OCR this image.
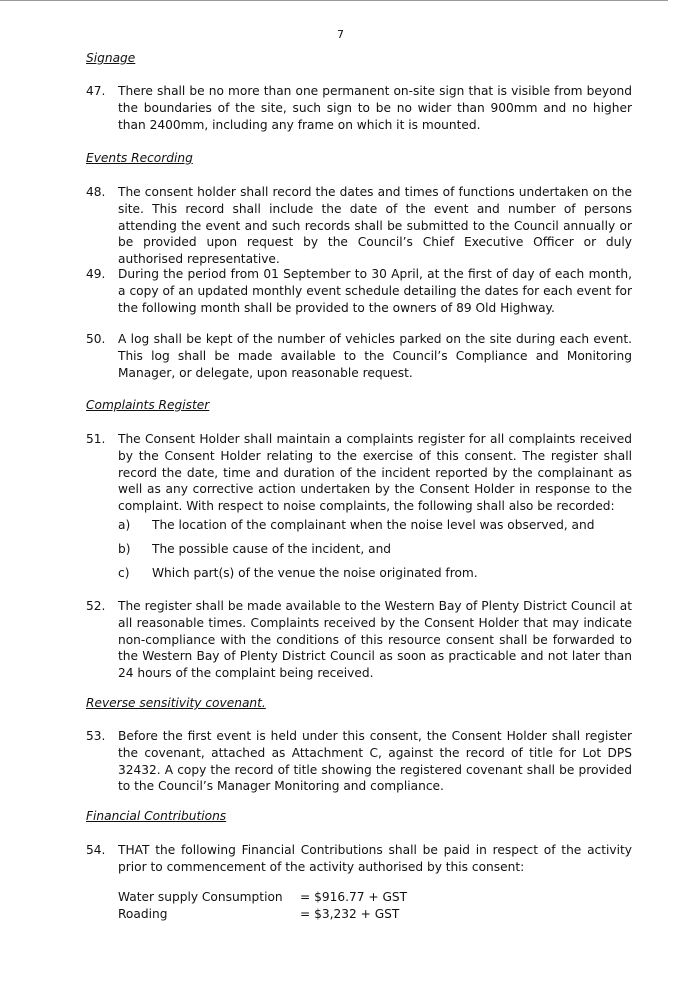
7
Signage
47. There shall be no more than one permanent on-site sign that is visible from beyond the boundaries of the site, such sign to be no wider than 900mm and no higher than 2400mm, including any frame on which it is mounted.
Events Recording
48. The consent holder shall record the dates and times of functions undertaken on the site. This record shall include the date of the event and number of persons attending the event and such records shall be submitted to the Council annually or be provided upon request by the Council’s Chief Executive Officer or duly authorised representative.
49. During the period from 01 September to 30 April, at the first of day of each month, a copy of an updated monthly event schedule detailing the dates for each event for the following month shall be provided to the owners of 89 Old Highway.
50. A log shall be kept of the number of vehicles parked on the site during each event. This log shall be made available to the Council’s Compliance and Monitoring Manager, or delegate, upon reasonable request.
Complaints Register
51. The Consent Holder shall maintain a complaints register for all complaints received by the Consent Holder relating to the exercise of this consent. The register shall record the date, time and duration of the incident reported by the complainant as well as any corrective action undertaken by the Consent Holder in response to the complaint. With respect to noise complaints, the following shall also be recorded:
a) The location of the complainant when the noise level was observed, and
b) The possible cause of the incident, and
c) Which part(s) of the venue the noise originated from.
52. The register shall be made available to the Western Bay of Plenty District Council at all reasonable times. Complaints received by the Consent Holder that may indicate non-compliance with the conditions of this resource consent shall be forwarded to the Western Bay of Plenty District Council as soon as practicable and not later than 24 hours of the complaint being received.
Reverse sensitivity covenant.
53. Before the first event is held under this consent, the Consent Holder shall register the covenant, attached as Attachment C, against the record of title for Lot DPS 32432. A copy the record of title showing the registered covenant shall be provided to the Council’s Manager Monitoring and compliance.
Financial Contributions
54. THAT the following Financial Contributions shall be paid in respect of the activity prior to commencement of the activity authorised by this consent:
Water supply Consumption = $916.77 + GST
Roading	= $3,232 + GST
